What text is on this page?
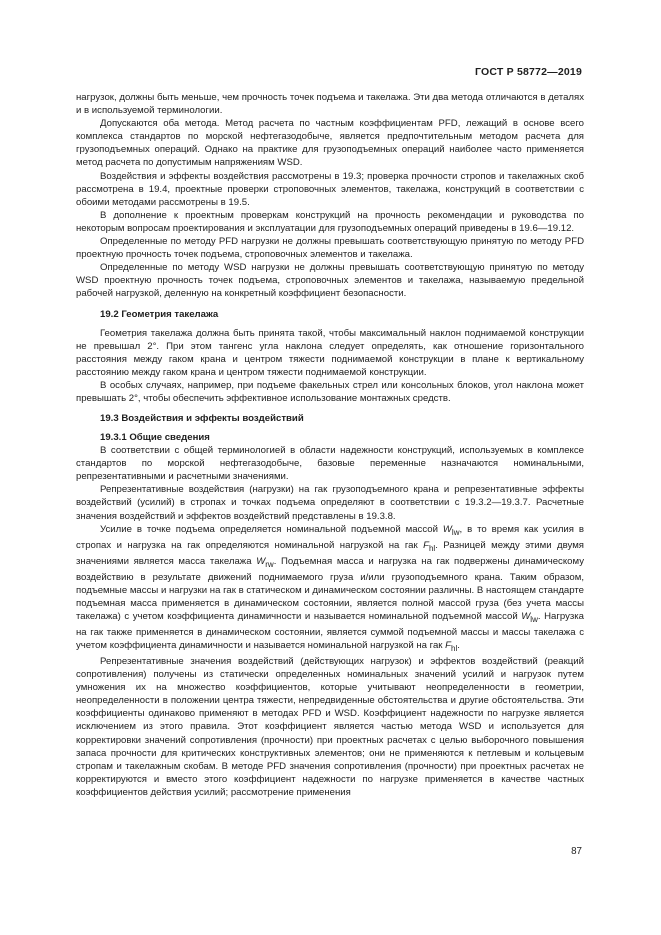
ГОСТ Р 58772—2019

нагрузок, должны быть меньше, чем прочность точек подъема и такелажа. Эти два метода отличаются в деталях и в используемой терминологии.

Допускаются оба метода. Метод расчета по частным коэффициентам PFD, лежащий в основе всего комплекса стандартов по морской нефтегазодобыче, является предпочтительным методом расчета для грузоподъемных операций. Однако на практике для грузоподъемных операций наиболее часто применяется метод расчета по допустимым напряжениям WSD.

Воздействия и эффекты воздействия рассмотрены в 19.3; проверка прочности стропов и такелажных скоб рассмотрена в 19.4, проектные проверки строповочных элементов, такелажа, конструкций в соответствии с обоими методами рассмотрены в 19.5.

В дополнение к проектным проверкам конструкций на прочность рекомендации и руководства по некоторым вопросам проектирования и эксплуатации для грузоподъемных операций приведены в 19.6—19.12.

Определенные по методу PFD нагрузки не должны превышать соответствующую принятую по методу PFD проектную прочность точек подъема, строповочных элементов и такелажа.

Определенные по методу WSD нагрузки не должны превышать соответствующую принятую по методу WSD проектную прочность точек подъема, строповочных элементов и такелажа, называемую предельной рабочей нагрузкой, деленную на конкретный коэффициент безопасности.

19.2 Геометрия такелажа

Геометрия такелажа должна быть принята такой, чтобы максимальный наклон поднимаемой конструкции не превышал 2°. При этом тангенс угла наклона следует определять, как отношение горизонтального расстояния между гаком крана и центром тяжести поднимаемой конструкции в плане к вертикальному расстоянию между гаком крана и центром тяжести поднимаемой конструкции.

В особых случаях, например, при подъеме факельных стрел или консольных блоков, угол наклона может превышать 2°, чтобы обеспечить эффективное использование монтажных средств.

19.3 Воздействия и эффекты воздействий
19.3.1 Общие сведения

В соответствии с общей терминологией в области надежности конструкций, используемых в комплексе стандартов по морской нефтегазодобыче, базовые переменные назначаются номинальными, репрезентативными и расчетными значениями.

Репрезентативные воздействия (нагрузки) на гак грузоподъемного крана и репрезентативные эффекты воздействий (усилий) в стропах и точках подъема определяют в соответствии с 19.3.2—19.3.7. Расчетные значения воздействий и эффектов воздействий представлены в 19.3.8.

Усилие в точке подъема определяется номинальной подъемной массой $W_{lw}$, в то время как усилия в стропах и нагрузка на гак определяются номинальной нагрузкой на гак $F_{hl}$. Разницей между этими двумя значениями является масса такелажа $W_{rw}$. Подъемная масса и нагрузка на гак подвержены динамическому воздействию в результате движений поднимаемого груза и/или грузоподъемного крана. Таким образом, подъемные массы и нагрузки на гак в статическом и динамическом состоянии различны. В настоящем стандарте подъемная масса применяется в динамическом состоянии, является полной массой груза (без учета массы такелажа) с учетом коэффициента динамичности и называется номинальной подъемной массой $W_{lw}$. Нагрузка на гак также применяется в динамическом состоянии, является суммой подъемной массы и массы такелажа с учетом коэффициента динамичности и называется номинальной нагрузкой на гак $F_{hl}$.

Репрезентативные значения воздействий (действующих нагрузок) и эффектов воздействий (реакций сопротивления) получены из статически определенных номинальных значений усилий и нагрузок путем умножения их на множество коэффициентов, которые учитывают неопределенности в геометрии, неопределенности в положении центра тяжести, непредвиденные обстоятельства и другие обстоятельства. Эти коэффициенты одинаково применяют в методах PFD и WSD. Коэффициент надежности по нагрузке является исключением из этого правила. Этот коэффициент является частью метода WSD и используется для корректировки значений сопротивления (прочности) при проектных расчетах с целью выборочного повышения запаса прочности для критических конструктивных элементов; они не применяются к петлевым и кольцевым стропам и такелажным скобам. В методе PFD значения сопротивления (прочности) при проектных расчетах не корректируются и вместо этого коэффициент надежности по нагрузке применяется в качестве частных коэффициентов действия усилий; рассмотрение применения

87
